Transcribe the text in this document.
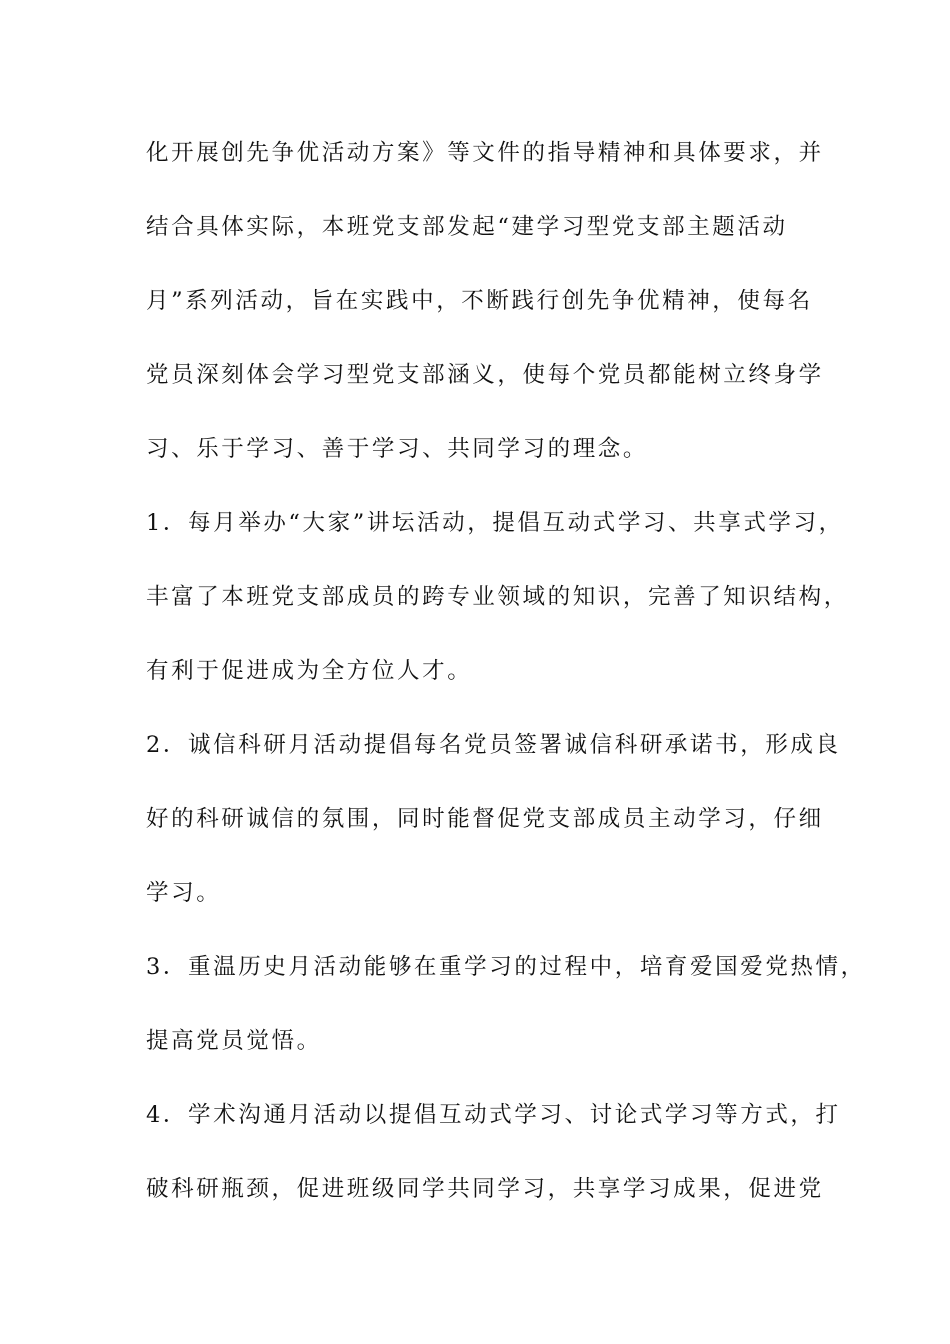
化开展创先争优活动方案》等文件的指导精神和具体要求，并
结合具体实际，本班党支部发起“建学习型党支部主题活动
月”系列活动，旨在实践中，不断践行创先争优精神，使每名
党员深刻体会学习型党支部涵义，使每个党员都能树立终身学
习、乐于学习、善于学习、共同学习的理念。
1．每月举办“大家”讲坛活动，提倡互动式学习、共享式学习，
丰富了本班党支部成员的跨专业领域的知识，完善了知识结构，
有利于促进成为全方位人才。
2．诚信科研月活动提倡每名党员签署诚信科研承诺书，形成良
好的科研诚信的氛围，同时能督促党支部成员主动学习，仔细
学习。
3．重温历史月活动能够在重学习的过程中，培育爱国爱党热情，
提高党员觉悟。
4．学术沟通月活动以提倡互动式学习、讨论式学习等方式，打
破科研瓶颈，促进班级同学共同学习，共享学习成果，促进党
